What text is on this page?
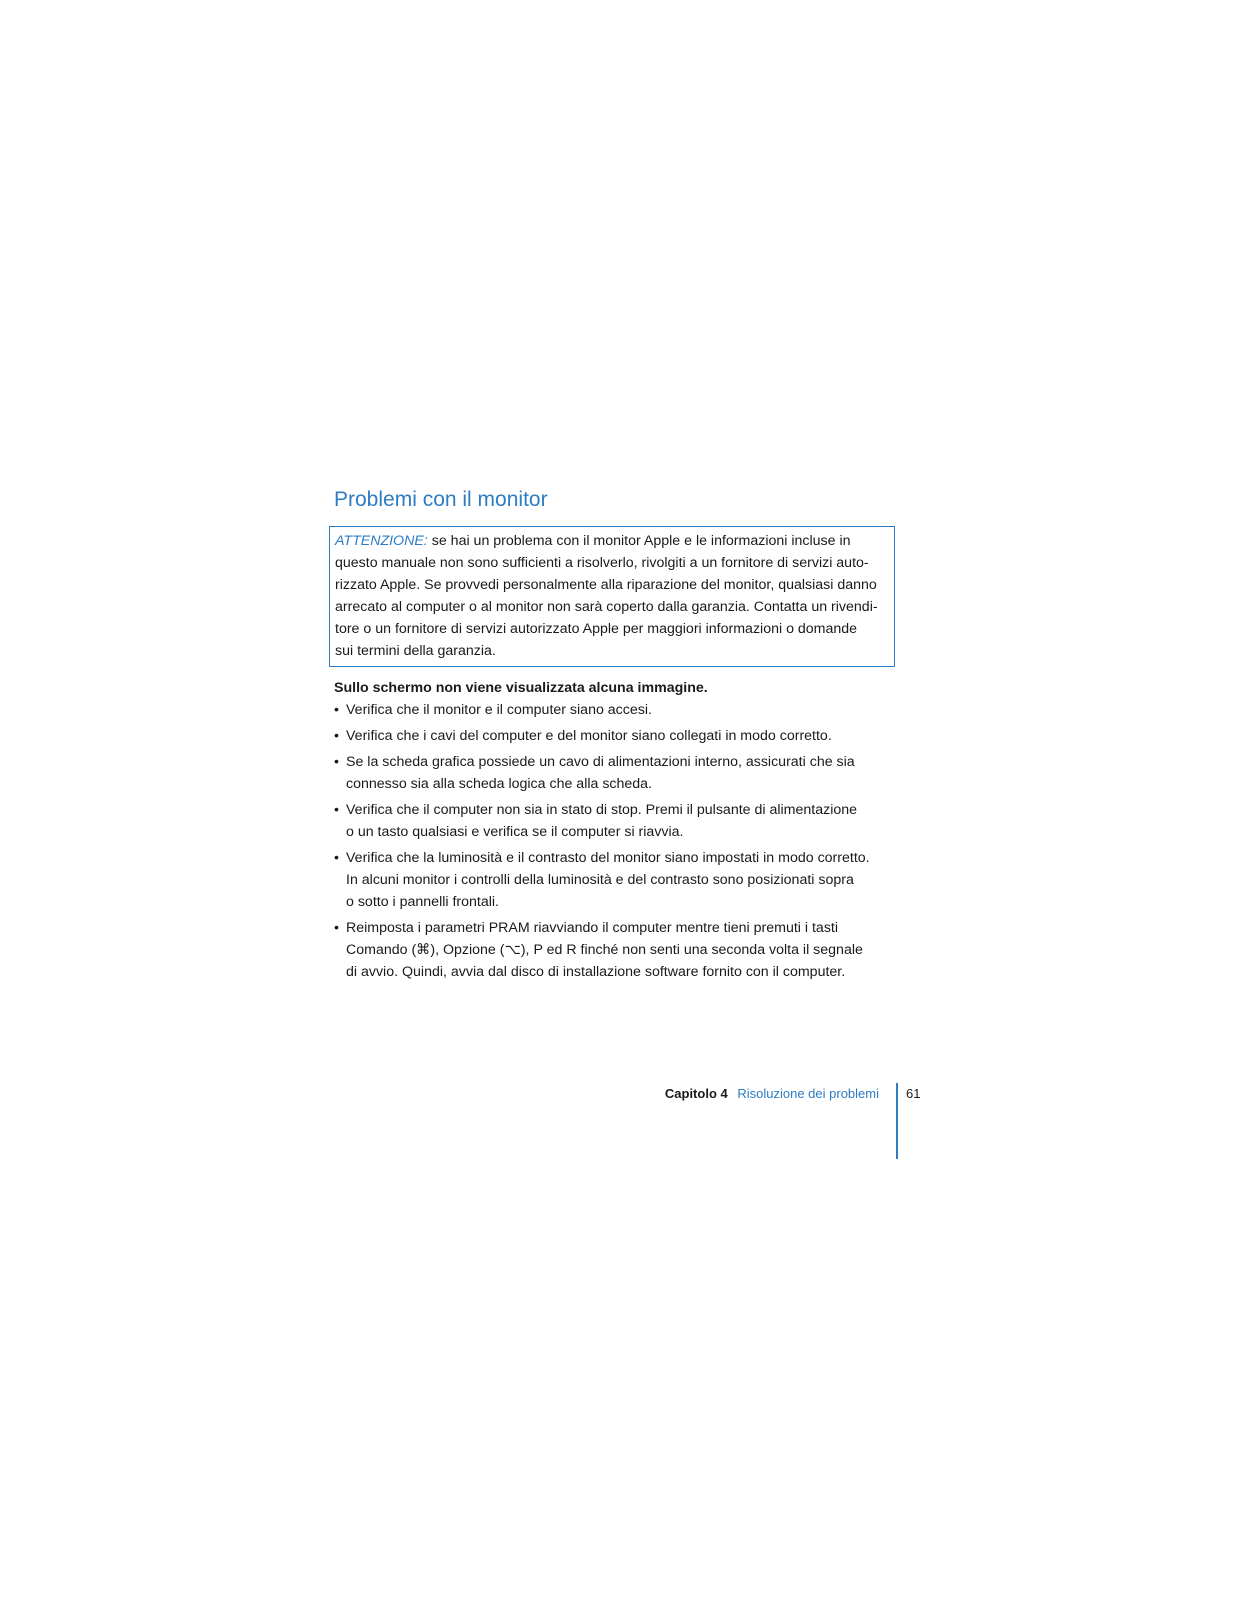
Problemi con il monitor
ATTENZIONE: se hai un problema con il monitor Apple e le informazioni incluse in
questo manuale non sono sufficienti a risolverlo, rivolgiti a un fornitore di servizi auto-
rizzato Apple. Se provvedi personalmente alla riparazione del monitor, qualsiasi danno
arrecato al computer o al monitor non sarà coperto dalla garanzia. Contatta un rivendi-
tore o un fornitore di servizi autorizzato Apple per maggiori informazioni o domande
sui termini della garanzia.
Sullo schermo non viene visualizzata alcuna immagine.
• Verifica che il monitor e il computer siano accesi.
• Verifica che i cavi del computer e del monitor siano collegati in modo corretto.
• Se la scheda grafica possiede un cavo di alimentazioni interno, assicurati che sia
connesso sia alla scheda logica che alla scheda.
• Verifica che il computer non sia in stato di stop. Premi il pulsante di alimentazione
o un tasto qualsiasi e verifica se il computer si riavvia.
• Verifica che la luminosità e il contrasto del monitor siano impostati in modo corretto.
In alcuni monitor i controlli della luminosità e del contrasto sono posizionati sopra
o sotto i pannelli frontali.
• Reimposta i parametri PRAM riavviando il computer mentre tieni premuti i tasti
Comando (⌘), Opzione (⌥), P ed R finché non senti una seconda volta il segnale
di avvio. Quindi, avvia dal disco di installazione software fornito con il computer.
Capitolo 4 Risoluzione dei problemi 61
